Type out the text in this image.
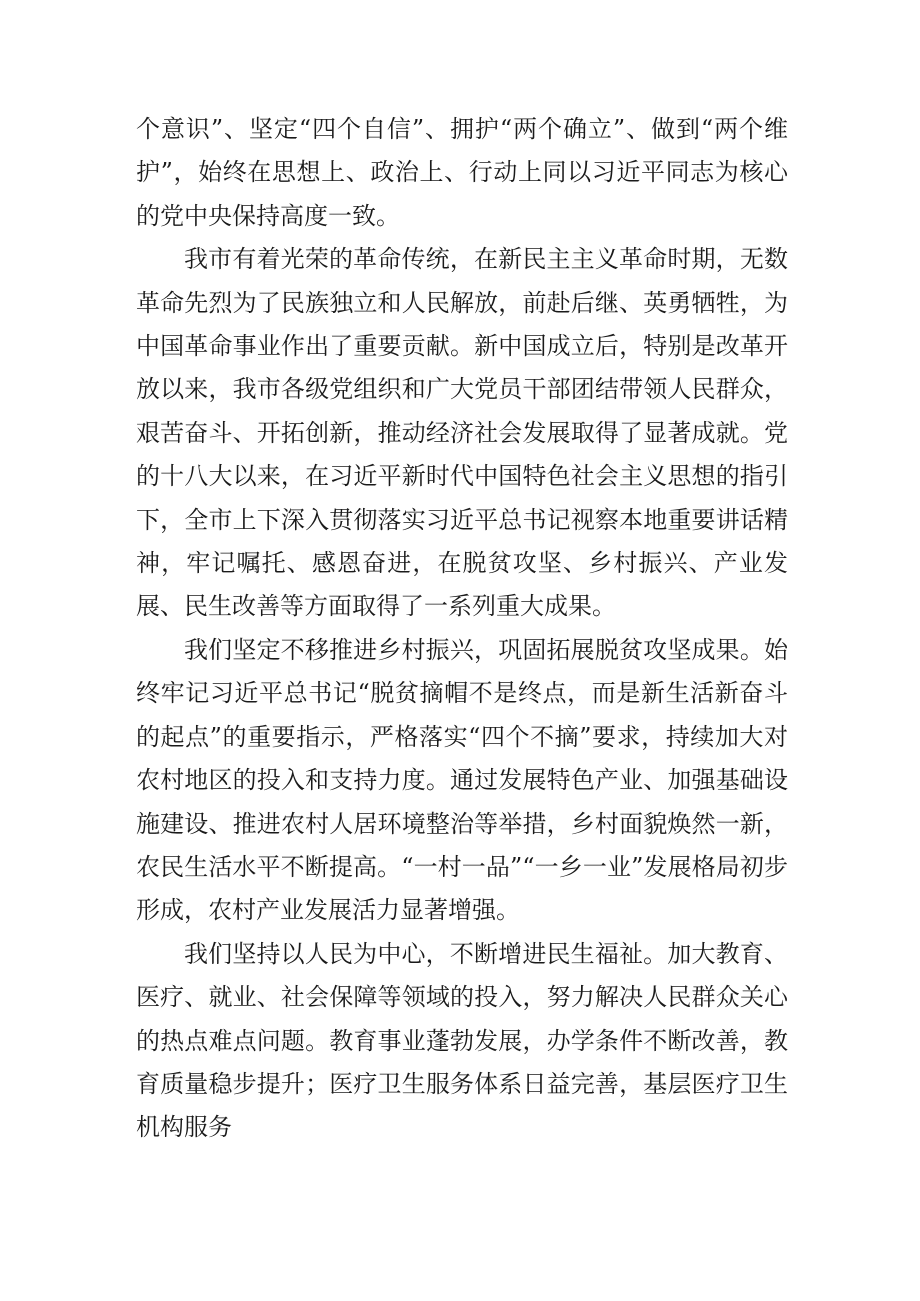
个意识”、坚定“四个自信”、拥护“两个确立”、做到“两个维护”，始终在思想上、政治上、行动上同以习近平同志为核心的党中央保持高度一致。

我市有着光荣的革命传统，在新民主主义革命时期，无数革命先烈为了民族独立和人民解放，前赴后继、英勇牺牲，为中国革命事业作出了重要贡献。新中国成立后，特别是改革开放以来，我市各级党组织和广大党员干部团结带领人民群众，艰苦奋斗、开拓创新，推动经济社会发展取得了显著成就。党的十八大以来，在习近平新时代中国特色社会主义思想的指引下，全市上下深入贯彻落实习近平总书记视察本地重要讲话精神，牢记嘱托、感恩奋进，在脱贫攻坚、乡村振兴、产业发展、民生改善等方面取得了一系列重大成果。

我们坚定不移推进乡村振兴，巩固拓展脱贫攻坚成果。始终牢记习近平总书记“脱贫摘帽不是终点，而是新生活新奋斗的起点”的重要指示，严格落实“四个不摘”要求，持续加大对农村地区的投入和支持力度。通过发展特色产业、加强基础设施建设、推进农村人居环境整治等举措，乡村面貌焕然一新，农民生活水平不断提高。“一村一品”“一乡一业”发展格局初步形成，农村产业发展活力显著增强。

我们坚持以人民为中心，不断增进民生福祉。加大教育、医疗、就业、社会保障等领域的投入，努力解决人民群众关心的热点难点问题。教育事业蓬勃发展，办学条件不断改善，教育质量稳步提升；医疗卫生服务体系日益完善，基层医疗卫生机构服务
